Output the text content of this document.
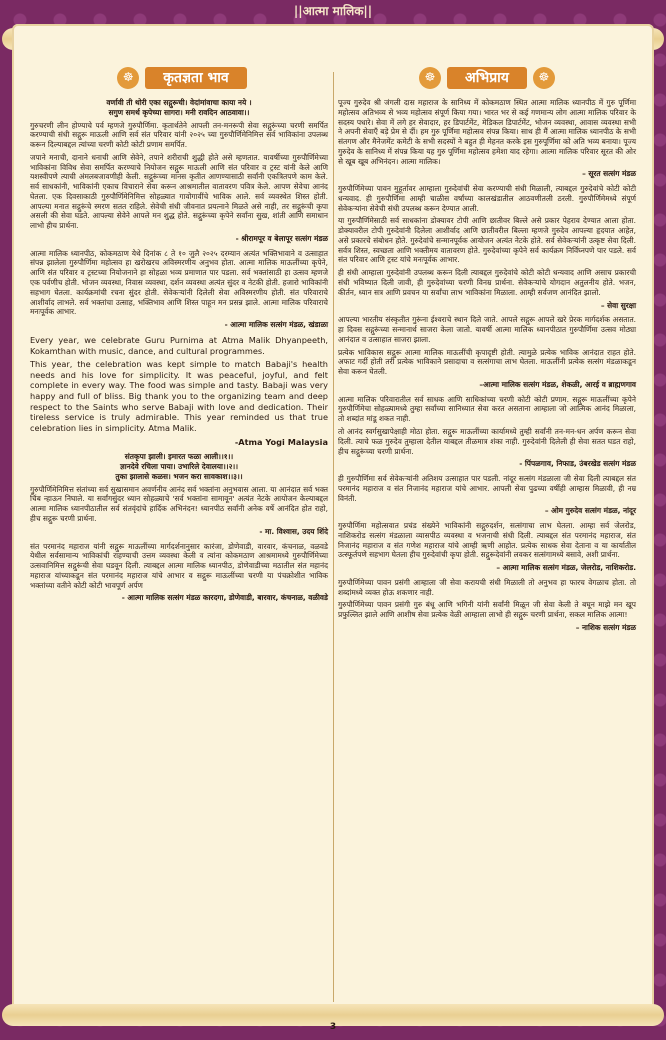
||आत्मा मालिक||
☸	कृतज्ञता भाव
वर्णावी ती थोरी एका सद्गुरूची। वेदांमांवाचा काया नये ।
सगुण समर्थ कृपेच्या सागरा। मनी रावदिन आठवावा।।

गुरुचरणी लीन होण्याचे पर्व म्हणजे गुरुपौर्णिमा. कृतार्थतेने आपली तन-मनरूपी सेवा सद्गुरूंच्या चरणी समर्पित करण्याची संधी सद्गुरू माऊली आणि सर्व संत परिवार यांनी २०२५ च्या गुरुपौर्णिमेनिमित्त सर्व भाविकांना उपलब्ध करून दिल्याबद्दल त्यांच्या चरणी कोटी कोटी प्रणाम समर्पित.

जपाने मनाची, दानाने धनाची आणि सेवेने, तपाने शरीराची शुद्धी होते असे म्हणतात. यावर्षीच्या गुरुपौर्णिमेच्या भाविकांना विविध सेवा समर्पित करण्याचे नियोजन सद्गुरू माऊली आणि संत परिवार व ट्रस्ट यांनी केले आणि यशस्वीपणे त्याची अंमलबजावणीही केली. सद्गुरूंच्या मानस कृतीत आणण्यासाठी सर्वांनी एकत्रितपणे काम केले. सर्व साधकांनी, भाविकांनी एकाच विचाराने सेवा करून आश्रमातील वातावरण पवित्र केले. आपण सेवेचा आनंद घेतला. एक दिवसाकाठी गुरुपौर्णिमेनिमित्त सोहळ्यात गावोगावींचे भाविक आले. सर्व व्यवस्थेत शिस्त होती. आपल्या मनात सद्गुरूंचे स्मरण सतत राहिले. सेवेची संधी जीवनात प्रयत्नाने मिळते असे नाही, तर सद्गुरूंची कृपा असली की सेवा घडते. आपल्या सेवेने आपले मन शुद्ध होते. सद्गुरूंच्या कृपेने सर्वांना सुख, शांती आणि समाधान लाभो हीच प्रार्थना.

- श्रीरामपूर व बेलापूर सत्संग मंडळ

आत्मा मालिक ध्यानपीठ, कोकमठाण येथे दिनांक ८ ते १० जुलै २०२५ दरम्यान अत्यंत भक्तिभावाने व उत्साहात संपन्न झालेला गुरुपौर्णिमा महोत्सव हा खरोखरच अविस्मरणीय अनुभव होता. आत्मा मालिक माऊलींच्या कृपेने, आणि संत परिवार व ट्रस्टच्या नियोजनाने हा सोहळा भव्य प्रमाणात पार पडला. सर्व भक्तांसाठी हा उत्सव म्हणजे एक पर्वणीच होती. भोजन व्यवस्था, निवास व्यवस्था, दर्शन व्यवस्था अत्यंत सुंदर व नेटकी होती. हजारो भाविकांनी सहभाग घेतला. कार्यक्रमांची रचना सुंदर होती. सेवेकऱ्यांनी दिलेली सेवा अविस्मरणीय होती. संत परिवाराचे आशीर्वाद लाभले. सर्व भक्तांचा उत्साह, भक्तिभाव आणि शिस्त पाहून मन प्रसन्न झाले. आत्मा मालिक परिवाराचे मनःपूर्वक आभार.

- आत्मा मालिक सत्संग मंडळ, खंडाळा

Every year, we celebrate Guru Purnima at Atma Malik Dhyanpeeth, Kokamthan with music, dance, and cultural programmes.

This year, the celebration was kept simple to match Babaji's health needs and his love for simplicity. It was peaceful, joyful, and felt complete in every way. The food was simple and tasty. Babaji was very happy and full of bliss. Big thank you to the organizing team and deep respect to the Saints who serve Babaji with love and dedication. Their tireless service is truly admirable. This year reminded us that true celebration lies in simplicity. Atma Malik.

-Atma Yogi Malaysia

संतकृपा झाली। इमारत फळा आली।।१।।
ज्ञानदेवे रचिला पाया। उभारिले देवालया।।२।।
तुका झालासे कळस। भजन करा सावकाश।।३।।

गुरुपौर्णिमेनिमित्त संतांच्या सर्व सुखासमान अवर्णनीय आनंद सर्व भक्तांना अनुभवास आला. या आनंदात सर्व भक्त चिंब न्हाऊन निघाले. या सर्वांगसुंदर ध्यान सोहळ्याचे 'सर्व भक्तांना सामावून' अत्यंत नेटके आयोजन केल्याबद्दल आत्मा मालिक ध्यानपीठातील सर्व संतवृंदांचे हार्दिक अभिनंदन! ध्यानपीठ सर्वांनी अनेक वर्षे आनंदित होत राहो, हीच सद्गुरू चरणी प्रार्थना.

- मा. विश्वास, उदय शिंदे

संत परमानंद महाराज यांनी सद्गुरू माऊलींच्या मार्गदर्शनानुसार कारंजा, डोणेवाडी, वारवार, कंचनाळ, वळवडे येथील सर्वसामान्य भाविकांची राहण्याची उत्तम व्यवस्था केली व त्यांना कोकमठाण आश्रमामध्ये गुरुपौर्णिमेच्या उत्सवानिमित्त सद्गुरूंची सेवा घडवून दिली. त्याबद्दल आत्मा मालिक ध्यानपीठ, डोणेवाडीच्या मठातील संत महानंद महाराज यांच्याकडून संत परमानंद महाराज यांचे आभार व सद्गुरू माऊलींच्या चरणी या पंचक्रोशीत भाविक भक्तांच्या वतीने कोटी कोटी भावपूर्ण अर्पण

- आत्मा मालिक सत्संग मंडळ कारदगा, डोणेवाडी, बारवार, कंचनाळ, वळीवडे

☸	अभिप्राय	☸

पूज्य गुरुदेव श्री जंगली दास महाराज के सानिध्य में कोकमठाण स्थित आत्मा मालिक ध्यानपीठ में गुरु पूर्णिमा महोत्सव अतिभव्य से भव्य महोत्सव संपूर्ण किया गया। भारत भर से कई गणमान्य लोग आत्मा मालिक परिवार के सदस्य पधारे। सेवा में लगे हर सेवादार, हर डिपार्टमेंट, मेडिकल डिपार्टमेंट, भोजन व्यवस्था, आवास व्यवस्था सभी ने अपनी सेवाएँ बड़े प्रेम से दीं। हम गुरु पूर्णिमा महोत्सव संपन्न किया। साथ ही मैं आत्मा मालिक ध्यानपीठ के सभी संतगण और मैनेजमेंट कमेटी के सभी सदस्यों ने बहुत ही मेहनत करके इस गुरुपूर्णिमा को अति भव्य बनाया। पूज्य गुरुदेव के सानिध्य में संपन्न किया यह गुरु पूर्णिमा महोत्सव हमेशा याद रहेगा। आत्मा मालिक परिवार सूरत की ओर से खूब खूब अभिनंदन। आत्मा मालिक।

– सूरत सत्संग मंडळ

गुरुपौर्णिमेच्या पावन मुहूर्तावर आम्हाला गुरुदेवांची सेवा करण्याची संधी मिळाली, त्याबद्दल गुरुदेवांचे कोटी कोटी धन्यवाद. ही गुरुपौर्णिमा आम्ही चाळीस वर्षांच्या कालखंडातील आठवणीतली ठरली. गुरुपौर्णिमेमध्ये संपूर्ण सेवेकऱ्यांना सेवेची संधी उपलब्ध करून देण्यात आली.

या गुरुपौर्णिमेसाठी सर्व साधकांना डोक्यावर टोपी आणि छातीवर बिल्ले असे प्रकार पेहराव देण्यात आला होता. डोक्यावरील टोपी गुरुदेवांनी दिलेला आशीर्वाद आणि छातीवरील बिल्ला म्हणजे गुरुदेव आपल्या हृदयात आहेत, असे प्रकारचे संबोधन होते. गुरुदेवांचे सन्मानपूर्वक आयोजन अत्यंत नेटके होते. सर्व सेवेकऱ्यांनी उत्कृष्ट सेवा दिली. सर्वत्र शिस्त, स्वच्छता आणि भक्तीमय वातावरण होते. गुरुदेवांच्या कृपेने सर्व कार्यक्रम निर्विघ्नपणे पार पडले. सर्व संत परिवार आणि ट्रस्ट यांचे मनःपूर्वक आभार.

ही संधी आम्हाला गुरुदेवांनी उपलब्ध करून दिली त्याबद्दल गुरुदेवांचे कोटी कोटी धन्यवाद आणि असाच प्रकारची संधी भविष्यात दिली जावी, ही गुरुदेवांच्या चरणी विनम्र प्रार्थना. सेवेकऱ्यांचे योगदान अतुलनीय होते. भजन, कीर्तन, ध्यान सत्र आणि प्रवचन या सर्वांचा लाभ भाविकांना मिळाला. आम्ही सर्वजण आनंदित झालो.

– सेवा सुरक्षा

आपल्या भारतीय संस्कृतीत गुरूंना ईश्वराचे स्थान दिले जाते. आपले सद्गुरू आपले खरे प्रेरक मार्गदर्शक असतात. हा दिवस सद्गुरूंच्या सन्मानार्थ साजरा केला जातो. यावर्षी आत्मा मालिक ध्यानपीठात गुरुपौर्णिमा उत्सव मोठ्या आनंदात व उत्साहात साजरा झाला.

प्रत्येक भाविकास सद्गुरू आत्मा मालिक माऊलींची कृपादृष्टी होती. त्यामुळे प्रत्येक भाविक आनंदात राहत होते. अफाट गर्दी होती तरी प्रत्येक भाविकाने प्रसादाचा व सत्संगाचा लाभ घेतला. माऊलींनी प्रत्येक सत्संग मंडळाकडून सेवा करून घेतली.

–आत्मा मालिक सत्संग मंडळ, शेकळी, आरई व ब्राह्मणगाव

आत्मा मालिक परिवारातील सर्व साधक आणि साधिकांच्या चरणी कोटी कोटी प्रणाम. सद्गुरू माऊलींच्या कृपेने गुरुपौर्णिमेचा सोहळ्यामध्ये तुम्हा सर्वांच्या सानिध्यात सेवा करत असताना आम्हाला जो आत्मिक आनंद मिळाला, तो शब्दांत मांडू शकत नाही.

तो आनंद स्वर्गसुखापेक्षाही मोठा होता. सद्गुरू माऊलींच्या कार्यामध्ये तुम्ही सर्वांनी तन-मन-धन अर्पण करून सेवा दिली. त्याचे फळ गुरुदेव तुम्हाला देतील याबद्दल तीळमात्र शंका नाही. गुरुदेवांनी दिलेली ही सेवा सतत घडत राहो, हीच सद्गुरूंच्या चरणी प्रार्थना.

- पिंपळगाव, निफाड, उंबरखेड सत्संग मंडळ

ही गुरुपौर्णिमा सर्व सेवेकऱ्यांनी अतिशय उत्साहात पार पडली. नांदूर सत्संग मंडळाला जी सेवा दिली त्याबद्दल संत परमानंद महाराज व संत निजानंद महाराज यांचे आभार. आपली सेवा पुढच्या वर्षीही आम्हास मिळावी, ही नम्र विनंती.

– ओम गुरुदेव सत्संग मंडळ, नांदूर

गुरुपौर्णिमा महोत्सवात प्रचंड संख्येने भाविकांनी सद्गुरुदर्शन, सत्संगाचा लाभ घेतला. आम्हा सर्व जेलरोड, नाशिकरोड सत्संग मंडळाला व्यासपीठ व्यवस्था व भजनाची संधी दिली. त्याबद्दल संत परमानंद महाराज, संत निजानंद महाराज व संत गणेश महाराज यांचे आम्ही ऋणी आहोत. प्रत्येक साधक सेवा देताना व या कार्यातील उत्स्फूर्तपणे सहभाग घेतला हीच गुरुदेवांची कृपा होती. सद्गुरूदेवांनी लवकर सत्संगामध्ये बसावे, अशी प्रार्थना.

– आत्मा मालिक सत्संग मंडळ, जेलरोड, नाशिकरोड.

गुरुपौर्णिमेच्या पावन प्रसंगी आम्हाला जी सेवा करायची संधी मिळाली तो अनुभव हा फारच वेगळाच होता. तो शब्दांमध्ये व्यक्त होऊ शकणार नाही.

गुरुपौर्णिमेच्या पावन प्रसंगी गुरु बंधू आणि भगिनी यांनी सर्वांनी मिळून जी सेवा केली ते बघून माझे मन खूप प्रफुल्लित झाले आणि आशीष सेवा प्रत्येक वेळी आम्हाला लाभो ही सद्गुरू चरणी प्रार्थना, सकल मालिक आत्मा!

– नाशिक सत्संग मंडळ

3
